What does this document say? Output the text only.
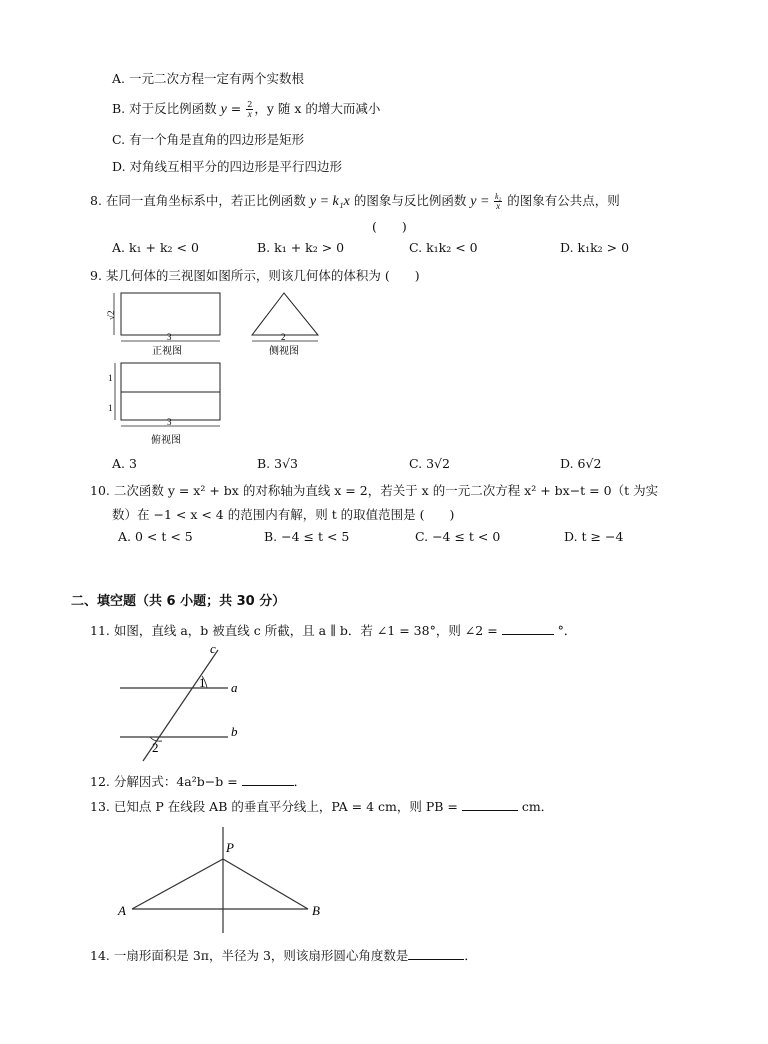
A. 一元二次方程一定有两个实数根
B. 对于反比例函数 $y = \frac{2}{x}$ ，y 随 x 的增大而减小
C. 有一个角是直角的四边形是矩形
D. 对角线互相平分的四边形是平行四边形
8. 在同一直角坐标系中，若正比例函数 y = k₁x 的图象与反比例函数 $y = \frac{\text{k₂}}{x}$ 的图象有公共点，则
(　　)
A. k₁ + k₂ < 0	B. k₁ + k₂ > 0	C. k₁k₂ < 0	D. k₁k₂ > 0
9. 某几何体的三视图如图所示，则该几何体的体积为 (　　)
√2
3
正视图
2
侧视图
1
1
3
俯视图
A. 3	B. 3√3	C. 3√2	D. 6√2
10. 二次函数 y = x² + bx 的对称轴为直线 x = 2，若关于 x 的一元二次方程 x² + bx−t = 0（t 为实
数）在 −1 < x < 4 的范围内有解，则 t 的取值范围是 (　　)
A. 0 < t < 5	B. −4 ≤ t < 5	C. −4 ≤ t < 0	D. t ≥ −4
二、填空题（共 6 小题；共 30 分）
11. 如图，直线 a，b 被直线 c 所截，且 a ∥ b．若 ∠1 = 38°，则 ∠2 =	°．
c
1 a
b
2
12. 分解因式：4a²b−b =	．
13. 已知点 P 在线段 AB 的垂直平分线上，PA = 4 cm，则 PB =	cm．
P
A	B
14. 一扇形面积是 3π，半径为 3，则该扇形圆心角度数是	．
